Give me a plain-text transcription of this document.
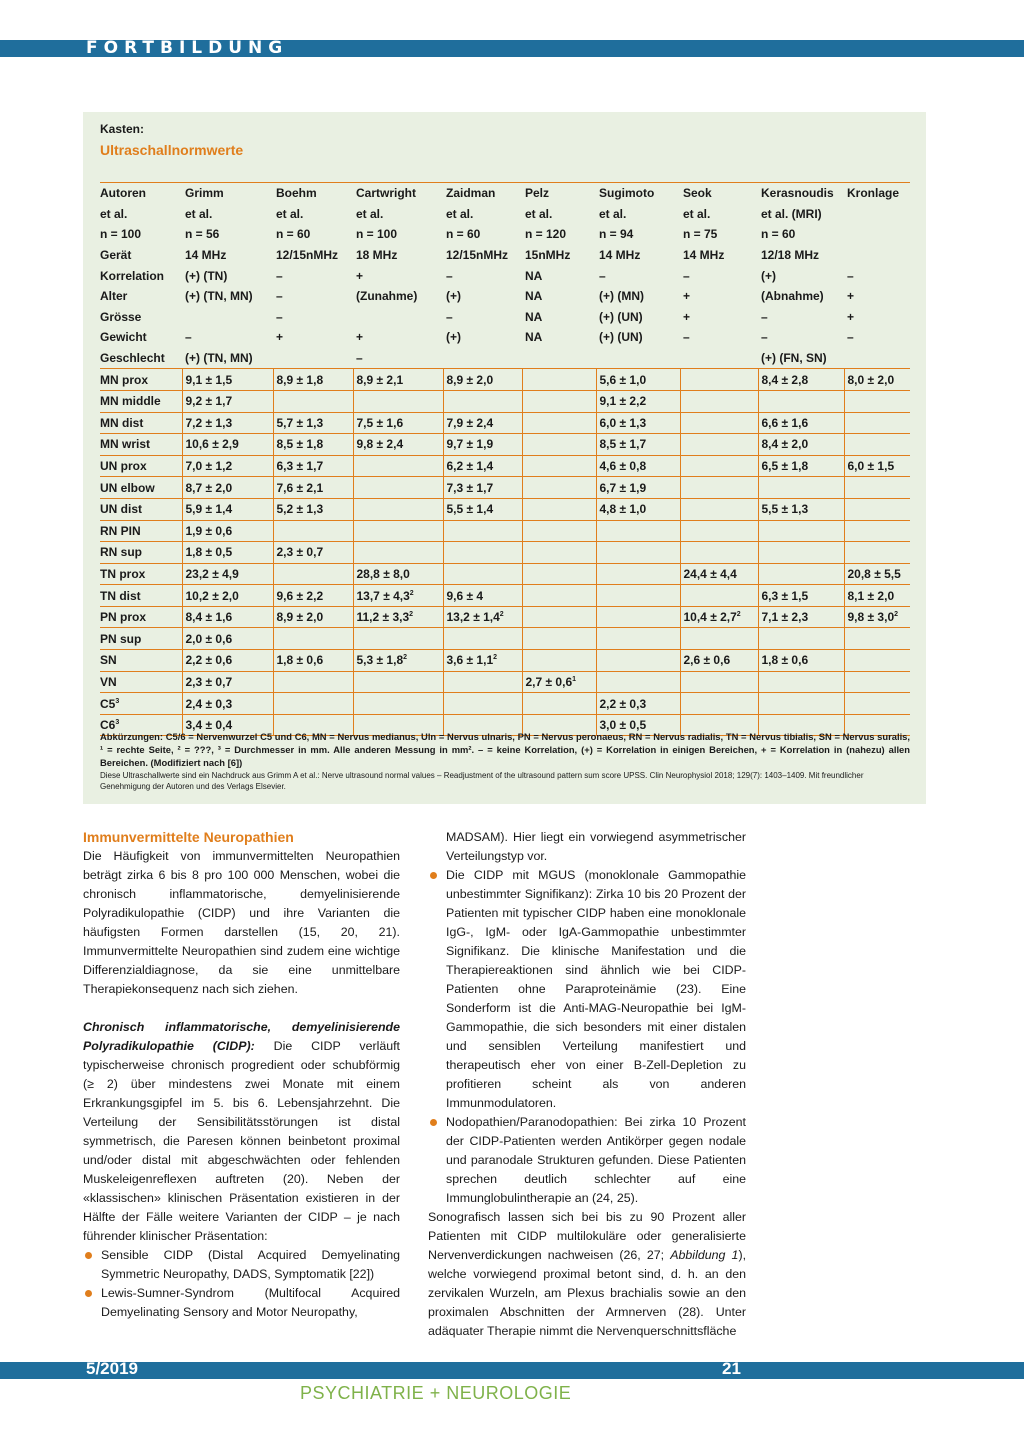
FORTBILDUNG
Kasten:
Ultraschallnormwerte
Autoren	Grimm	Boehm	Cartwright	Zaidman	Pelz	Sugimoto	Seok	Kerasnoudis	Kronlage
et al.	et al.	et al.	et al.	et al.	et al.	et al.	et al.	et al. (MRI)	
n = 100	n = 56	n = 60	n = 100	n = 60	n = 120	n = 94	n = 75	n = 60	
Gerät	14 MHz	12/15nMHz	18 MHz	12/15nMHz	15nMHz	14 MHz	14 MHz	12/18 MHz	
Korrelation	(+) (TN)	–	+	–	NA	–	–	(+)	–
Alter	(+) (TN, MN)	–	(Zunahme)	(+)	NA	(+) (MN)	+	(Abnahme)	+
Grösse		–		–	NA	(+) (UN)	+	–	+
Gewicht	–	+	+	(+)	NA	(+) (UN)	–	–	–
Geschlecht	(+) (TN, MN)		–					(+) (FN, SN)	
MN prox	9,1 ± 1,5	8,9 ± 1,8	8,9 ± 2,1	8,9 ± 2,0		5,6 ± 1,0		8,4 ± 2,8	8,0 ± 2,0
MN middle	9,2 ± 1,7					9,1 ± 2,2			
MN dist	7,2 ± 1,3	5,7 ± 1,3	7,5 ± 1,6	7,9 ± 2,4		6,0 ± 1,3		6,6 ± 1,6	
MN wrist	10,6 ± 2,9	8,5 ± 1,8	9,8 ± 2,4	9,7 ± 1,9		8,5 ± 1,7		8,4 ± 2,0	
UN prox	7,0 ± 1,2	6,3 ± 1,7		6,2 ± 1,4		4,6 ± 0,8		6,5 ± 1,8	6,0 ± 1,5
UN elbow	8,7 ± 2,0	7,6 ± 2,1		7,3 ± 1,7		6,7 ± 1,9			
UN dist	5,9 ± 1,4	5,2 ± 1,3		5,5 ± 1,4		4,8 ± 1,0		5,5 ± 1,3	
RN PIN	1,9 ± 0,6								
RN sup	1,8 ± 0,5	2,3 ± 0,7							
TN prox	23,2 ± 4,9		28,8 ± 8,0				24,4 ± 4,4		20,8 ± 5,5
TN dist	10,2 ± 2,0	9,6 ± 2,2	$13,7 \pm 4,3^2$	9,6 ± 4				6,3 ± 1,5	8,1 ± 2,0
PN prox	8,4 ± 1,6	8,9 ± 2,0	$11,2 \pm 3,3^2$	$13,2 \pm 1,4^2$			$10,4 \pm 2,7^2$	7,1 ± 2,3	$9,8 \pm 3,0^2$
PN sup	2,0 ± 0,6								
SN	2,2 ± 0,6	1,8 ± 0,6	$5,3 \pm 1,8^2$	$3,6 \pm 1,1^2$			2,6 ± 0,6	1,8 ± 0,6	
VN	2,3 ± 0,7				$2,7 \pm 0,6^1$				
$C5^3$	2,4 ± 0,3					2,2 ± 0,3			
$C6^3$	3,4 ± 0,4					3,0 ± 0,5			
Abkürzungen: C5/6 = Nervenwurzel C5 und C6, MN = Nervus medianus, Uln = Nervus ulnaris, PN = Nervus peronaeus, RN = Nervus radialis, TN = Nervus tibialis, SN = Nervus suralis, ¹ = rechte Seite, ² = ???, ³ = Durchmesser in mm. Alle anderen Messung in mm². – = keine Korrelation, (+) = Korrelation in einigen Bereichen, + = Korrelation in (nahezu) allen Bereichen. (Modifiziert nach [6])
Diese Ultraschallwerte sind ein Nachdruck aus Grimm A et al.: Nerve ultrasound normal values – Readjustment of the ultrasound pattern sum score UPSS. Clin Neurophysiol 2018; 129(7): 1403–1409. Mit freundlicher Genehmigung der Autoren und des Verlags Elsevier.

Immunvermittelte Neuropathien

Die Häufigkeit von immunvermittelten Neuropathien beträgt zirka 6 bis 8 pro 100 000 Menschen, wobei die chronisch inflammatorische, demyelinisierende Polyradikulopathie (CIDP) und ihre Varianten die häufigsten Formen darstellen (15, 20, 21). Immunvermittelte Neuropathien sind zudem eine wichtige Differenzialdiagnose, da sie eine unmittelbare Therapiekonsequenz nach sich ziehen.

Chronisch inflammatorische, demyelinisierende Polyradikulopathie (CIDP): Die CIDP verläuft typischerweise chronisch progredient oder schubförmig (≥ 2) über mindestens zwei Monate mit einem Erkrankungsgipfel im 5. bis 6. Lebensjahrzehnt. Die Verteilung der Sensibilitätsstörungen ist distal symmetrisch, die Paresen können beinbetont proximal und/oder distal mit abgeschwächten oder fehlenden Muskeleigenreflexen auftreten (20). Neben der «klassischen» klinischen Präsentation existieren in der Hälfte der Fälle weitere Varianten der CIDP – je nach führender klinischer Präsentation:

Sensible CIDP (Distal Acquired Demyelinating Symmetric Neuropathy, DADS, Symptomatik [22])

Lewis-Sumner-Syndrom (Multifocal Acquired Demyelinating Sensory and Motor Neuropathy,

MADSAM). Hier liegt ein vorwiegend asymmetrischer Verteilungstyp vor.

Die CIDP mit MGUS (monoklonale Gammopathie unbestimmter Signifikanz): Zirka 10 bis 20 Prozent der Patienten mit typischer CIDP haben eine monoklonale IgG-, IgM- oder IgA-Gammopathie unbestimmter Signifikanz. Die klinische Manifestation und die Therapiereaktionen sind ähnlich wie bei CIDP-Patienten ohne Paraproteinämie (23). Eine Sonderform ist die Anti-MAG-Neuropathie bei IgM-Gammopathie, die sich besonders mit einer distalen und sensiblen Verteilung manifestiert und therapeutisch eher von einer B-Zell-Depletion zu profitieren scheint als von anderen Immunmodulatoren.

Nodopathien/Paranodopathien: Bei zirka 10 Prozent der CIDP-Patienten werden Antikörper gegen nodale und paranodale Strukturen gefunden. Diese Patienten sprechen deutlich schlechter auf eine Immunglobulintherapie an (24, 25).

Sonografisch lassen sich bei bis zu 90 Prozent aller Patienten mit CIDP multilokuläre oder generalisierte Nervenverdickungen nachweisen (26, 27; Abbildung 1), welche vorwiegend proximal betont sind, d. h. an den zervikalen Wurzeln, am Plexus brachialis sowie an den proximalen Abschnitten der Armnerven (28). Unter adäquater Therapie nimmt die Nervenquerschnittsfläche

5/2019	21
PSYCHIATRIE + NEUROLOGIE
